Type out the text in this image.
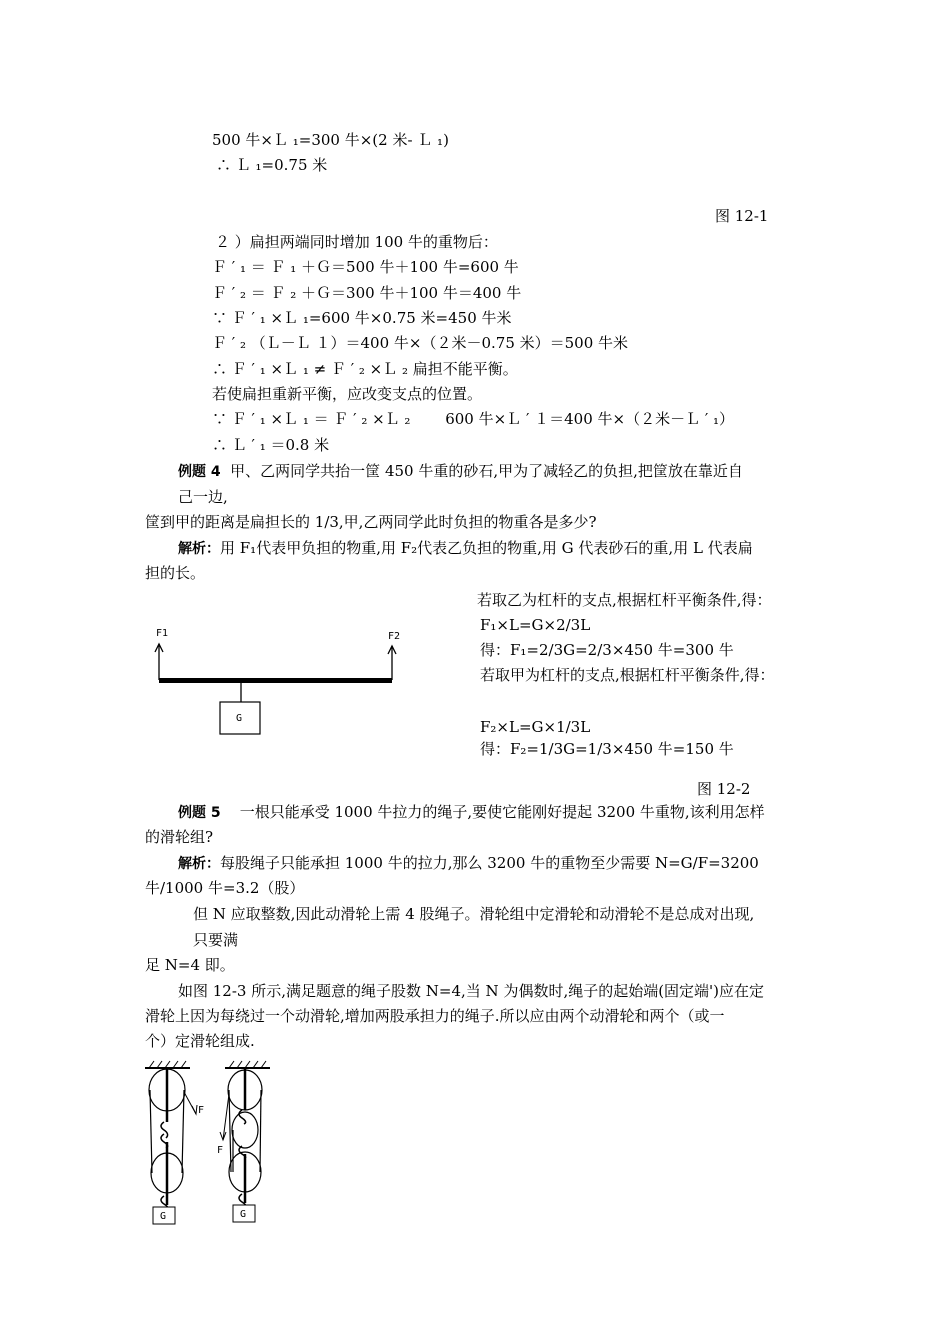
500 牛×Ｌ ₁=300 牛×(2 米- Ｌ ₁)
∴ Ｌ ₁=0.75 米
图 12-1
２ ）扁担两端同时增加 100 牛的重物后：
Ｆ ′ ₁ ＝ Ｆ ₁ ＋Ｇ＝500 牛＋100 牛=600 牛
Ｆ ′ ₂ ＝ Ｆ ₂ ＋Ｇ＝300 牛＋100 牛＝400 牛
∵ Ｆ ′ ₁ ×Ｌ ₁=600 牛×0.75 米=450 牛米
Ｆ ′ ₂ （Ｌ－Ｌ １）＝400 牛×（２米－0.75 米）＝500 牛米
∴ Ｆ ′ ₁ ×Ｌ ₁ ≠ Ｆ ′ ₂ ×Ｌ ₂ 扁担不能平衡。
若使扁担重新平衡，应改变支点的位置。
∵ Ｆ ′ ₁ ×Ｌ ₁ ＝ Ｆ ′ ₂ ×Ｌ ₂ 　　600 牛×Ｌ ′ １＝400 牛×（２米－Ｌ ′ ₁）
∴ Ｌ ′ ₁ ＝0.8 米
例题 4 甲、乙两同学共抬一筐 450 牛重的砂石,甲为了减轻乙的负担,把筐放在靠近自
己一边,
筐到甲的距离是扁担长的 1/3,甲,乙两同学此时负担的物重各是多少?
解析：用 F₁代表甲负担的物重,用 F₂代表乙负担的物重,用 G 代表砂石的重,用 L 代表扁
担的长。
若取乙为杠杆的支点,根据杠杆平衡条件,得：
F₁×L=G×2/3L
得：F₁=2/3G=2/3×450 牛=300 牛
若取甲为杠杆的支点,根据杠杆平衡条件,得：
F₂×L=G×1/3L
得：F₂=1/3G=1/3×450 牛=150 牛
图 12-2
F1	F2
G
例题 5 一根只能承受 1000 牛拉力的绳子,要使它能刚好提起 3200 牛重物,该利用怎样
的滑轮组?
解析：每股绳子只能承担 1000 牛的拉力,那么 3200 牛的重物至少需要 N=G/F=3200
牛/1000 牛=3.2（股）
但 N 应取整数,因此动滑轮上需 4 股绳子。滑轮组中定滑轮和动滑轮不是总成对出现,
只要满
足 N=4 即。
如图 12-3 所示,满足题意的绳子股数 N=4,当 N 为偶数时,绳子的起始端(固定端')应在定
滑轮上因为每绕过一个动滑轮,增加两股承担力的绳子.所以应由两个动滑轮和两个（或一
个）定滑轮组成.
F
G
F
G
